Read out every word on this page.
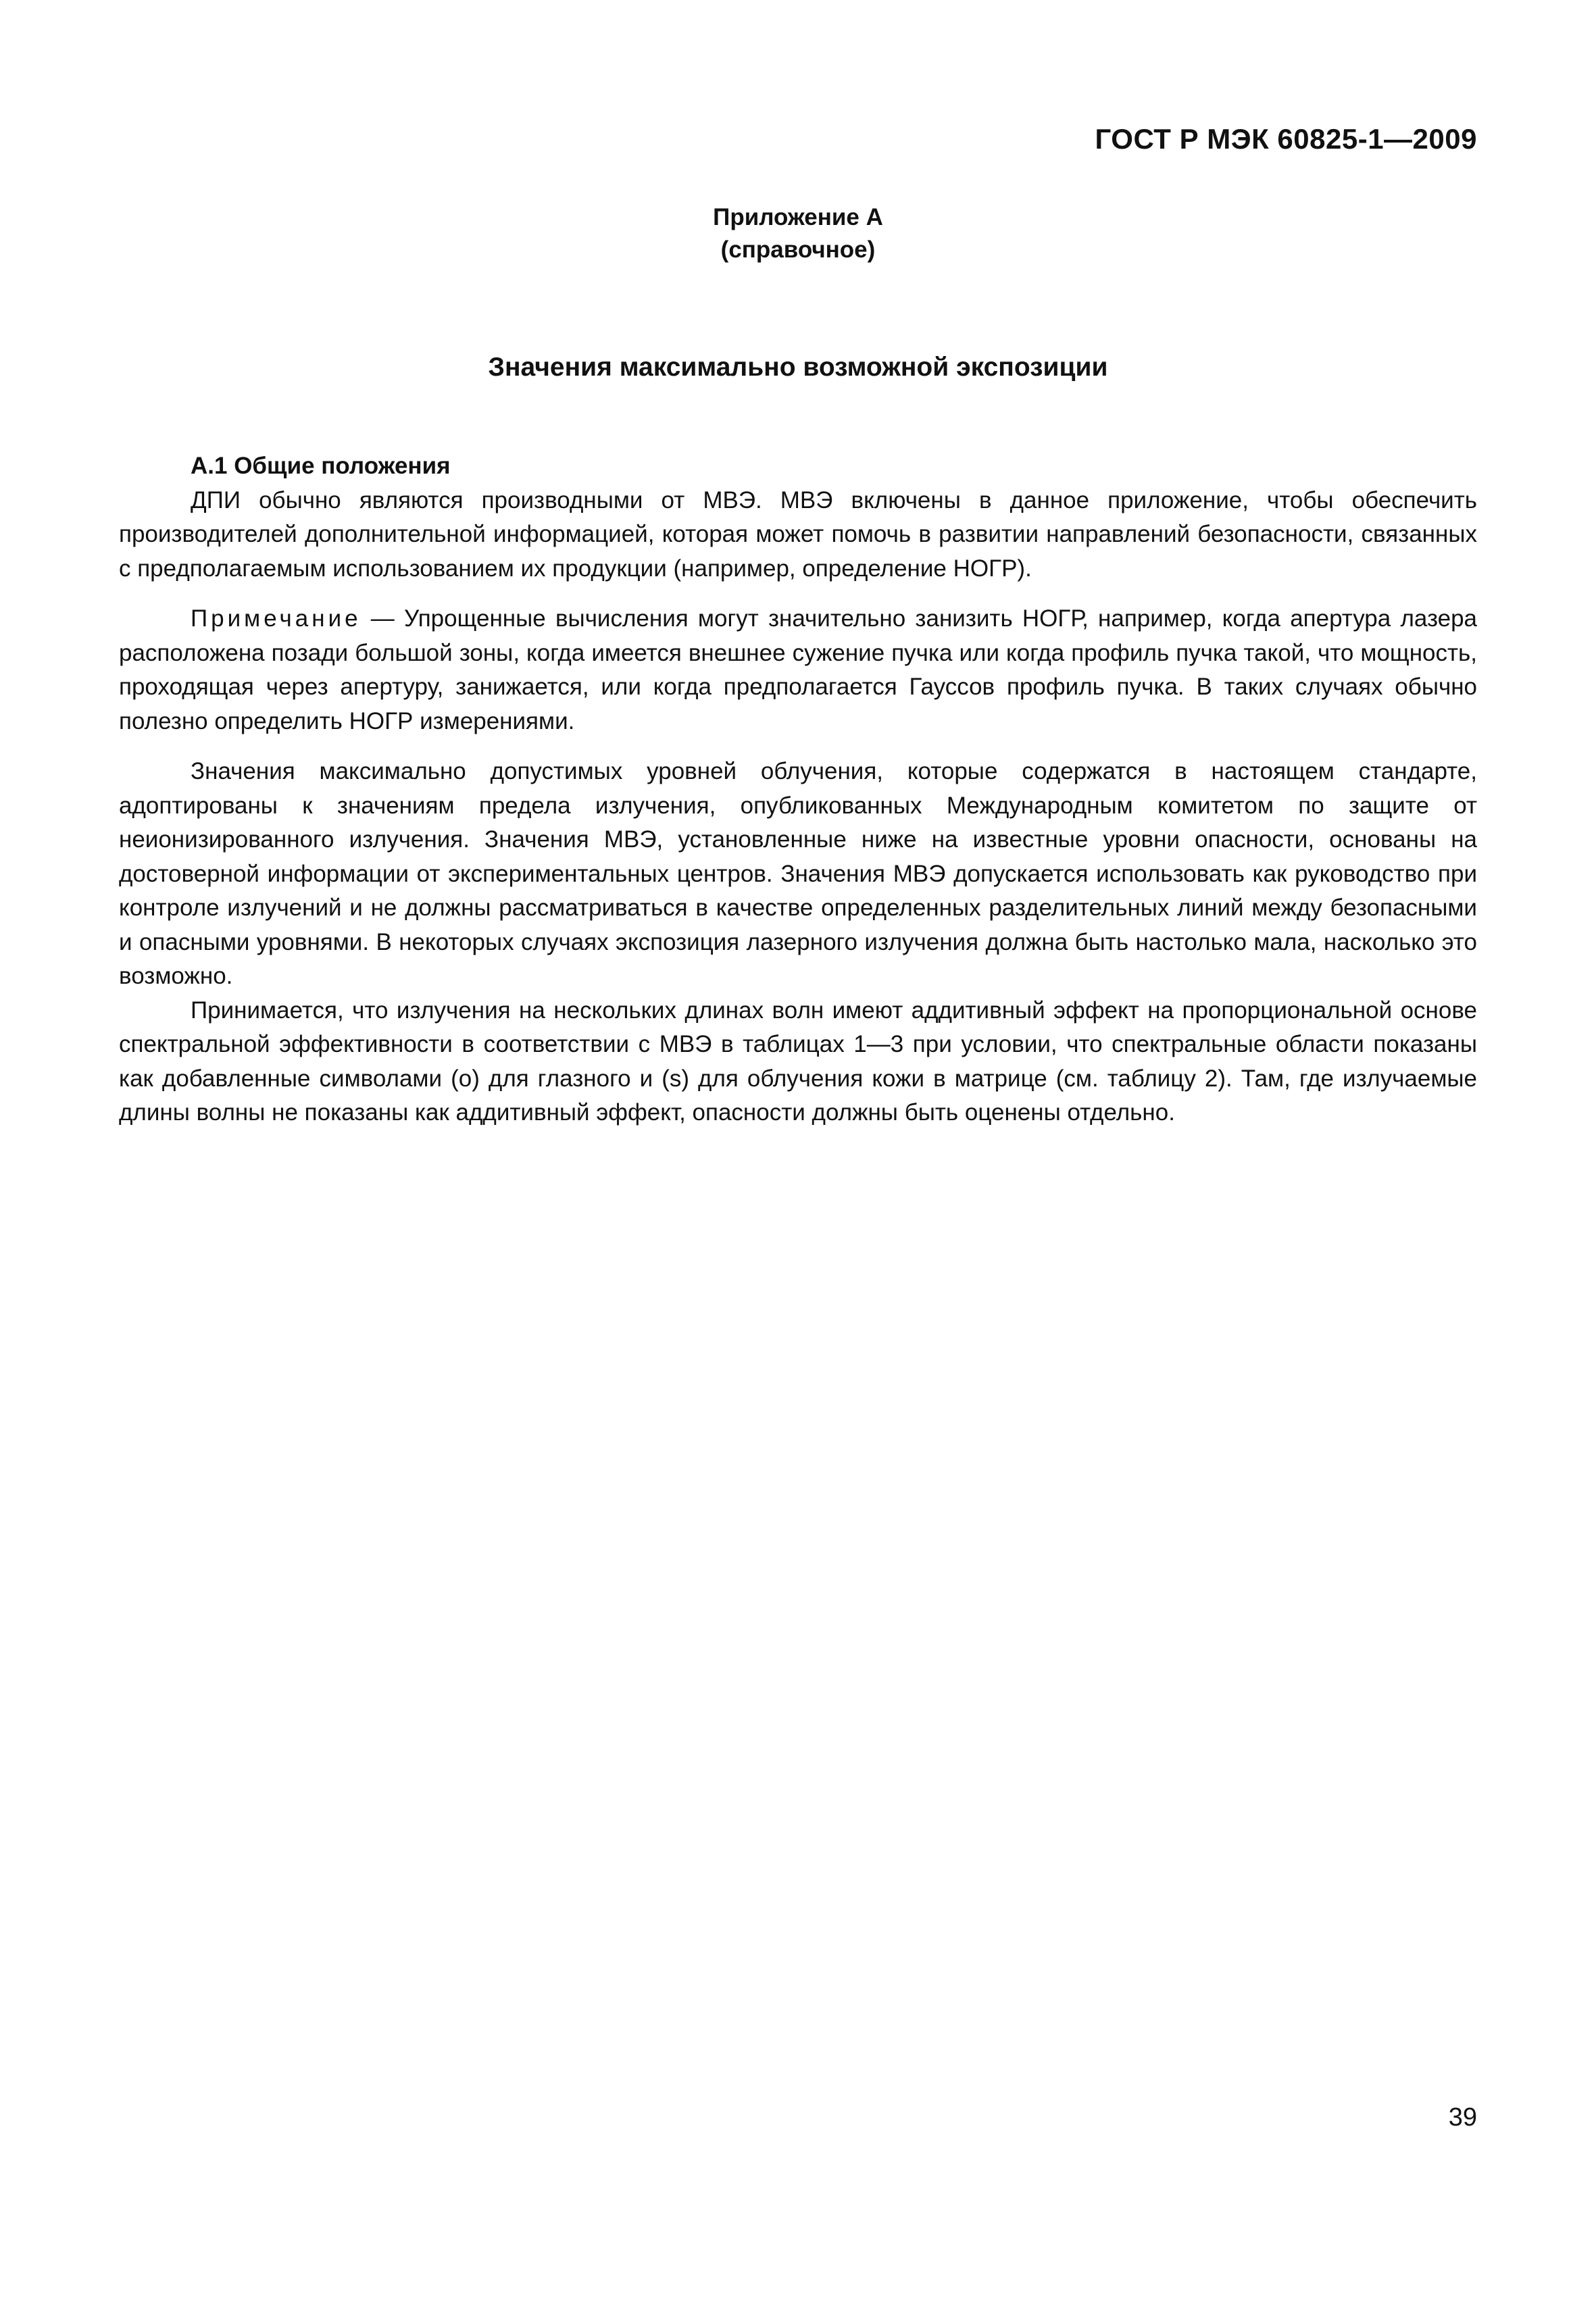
ГОСТ Р МЭК 60825-1—2009
Приложение А
(справочное)
Значения максимально возможной экспозиции
А.1 Общие положения

ДПИ обычно являются производными от МВЭ. МВЭ включены в данное приложение, чтобы обеспечить производителей дополнительной информацией, которая может помочь в развитии направлений безопасности, связанных с предполагаемым использованием их продукции (например, определение НОГР).

Примечание — Упрощенные вычисления могут значительно занизить НОГР, например, когда апертура лазера расположена позади большой зоны, когда имеется внешнее сужение пучка или когда профиль пучка такой, что мощность, проходящая через апертуру, занижается, или когда предполагается Гауссов профиль пучка. В таких случаях обычно полезно определить НОГР измерениями.

Значения максимально допустимых уровней облучения, которые содержатся в настоящем стандарте, адоптированы к значениям предела излучения, опубликованных Международным комитетом по защите от неионизированного излучения. Значения МВЭ, установленные ниже на известные уровни опасности, основаны на достоверной информации от экспериментальных центров. Значения МВЭ допускается использовать как руководство при контроле излучений и не должны рассматриваться в качестве определенных разделительных линий между безопасными и опасными уровнями. В некоторых случаях экспозиция лазерного излучения должна быть настолько мала, насколько это возможно.

Принимается, что излучения на нескольких длинах волн имеют аддитивный эффект на пропорциональной основе спектральной эффективности в соответствии с МВЭ в таблицах 1—3 при условии, что спектральные области показаны как добавленные символами (о) для глазного и (s) для облучения кожи в матрице (см. таблицу 2). Там, где излучаемые длины волны не показаны как аддитивный эффект, опасности должны быть оценены отдельно.

39
